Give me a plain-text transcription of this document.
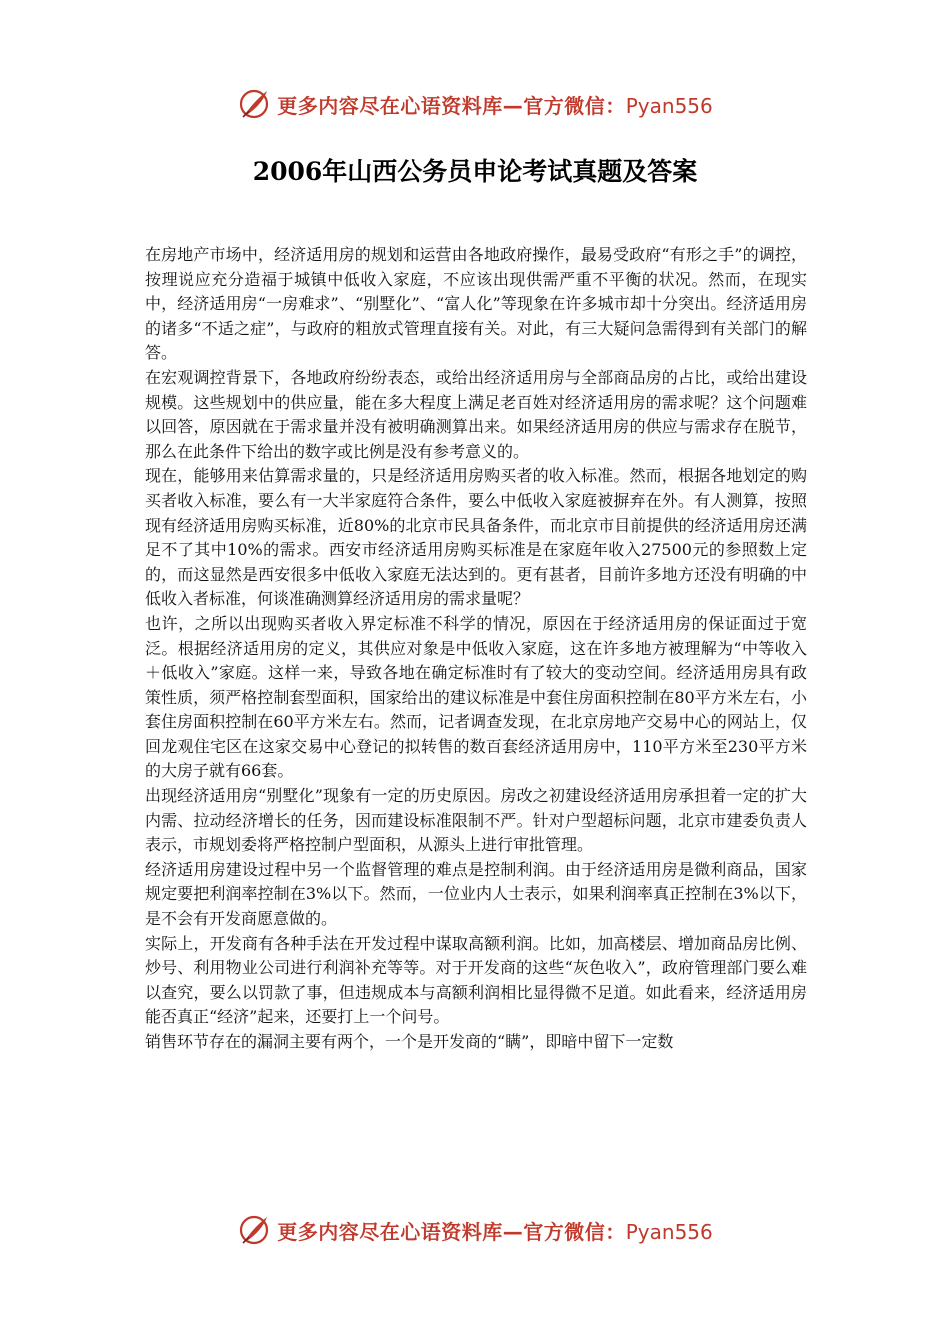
更多内容尽在心语资料库—官方微信：Pyan556
2006年山西公务员申论考试真题及答案

在房地产市场中，经济适用房的规划和运营由各地政府操作，最易受政府“有形之手”的调控，按理说应充分造福于城镇中低收入家庭，不应该出现供需严重不平衡的状况。然而，在现实中，经济适用房“一房难求”、“别墅化”、“富人化”等现象在许多城市却十分突出。经济适用房的诸多“不适之症”，与政府的粗放式管理直接有关。对此，有三大疑问急需得到有关部门的解答。

在宏观调控背景下，各地政府纷纷表态，或给出经济适用房与全部商品房的占比，或给出建设规模。这些规划中的供应量，能在多大程度上满足老百姓对经济适用房的需求呢？这个问题难以回答，原因就在于需求量并没有被明确测算出来。如果经济适用房的供应与需求存在脱节，那么在此条件下给出的数字或比例是没有参考意义的。

现在，能够用来估算需求量的，只是经济适用房购买者的收入标准。然而，根据各地划定的购买者收入标准，要么有一大半家庭符合条件，要么中低收入家庭被摒弃在外。有人测算，按照现有经济适用房购买标准，近80%的北京市民具备条件，而北京市目前提供的经济适用房还满足不了其中10%的需求。西安市经济适用房购买标准是在家庭年收入27500元的参照数上定的，而这显然是西安很多中低收入家庭无法达到的。更有甚者，目前许多地方还没有明确的中低收入者标准，何谈准确测算经济适用房的需求量呢？

也许，之所以出现购买者收入界定标准不科学的情况，原因在于经济适用房的保证面过于宽泛。根据经济适用房的定义，其供应对象是中低收入家庭，这在许多地方被理解为“中等收入＋低收入”家庭。这样一来，导致各地在确定标准时有了较大的变动空间。经济适用房具有政策性质，须严格控制套型面积，国家给出的建议标准是中套住房面积控制在80平方米左右，小套住房面积控制在60平方米左右。然而，记者调查发现，在北京房地产交易中心的网站上，仅回龙观住宅区在这家交易中心登记的拟转售的数百套经济适用房中，110平方米至230平方米的大房子就有66套。

出现经济适用房“别墅化”现象有一定的历史原因。房改之初建设经济适用房承担着一定的扩大内需、拉动经济增长的任务，因而建设标准限制不严。针对户型超标问题，北京市建委负责人表示，市规划委将严格控制户型面积，从源头上进行审批管理。

经济适用房建设过程中另一个监督管理的难点是控制利润。由于经济适用房是微利商品，国家规定要把利润率控制在3%以下。然而，一位业内人士表示，如果利润率真正控制在3%以下，是不会有开发商愿意做的。

实际上，开发商有各种手法在开发过程中谋取高额利润。比如，加高楼层、增加商品房比例、炒号、利用物业公司进行利润补充等等。对于开发商的这些“灰色收入”，政府管理部门要么难以查究，要么以罚款了事，但违规成本与高额利润相比显得微不足道。如此看来，经济适用房能否真正“经济”起来，还要打上一个问号。

销售环节存在的漏洞主要有两个，一个是开发商的“瞒”，即暗中留下一定数

更多内容尽在心语资料库—官方微信：Pyan556
